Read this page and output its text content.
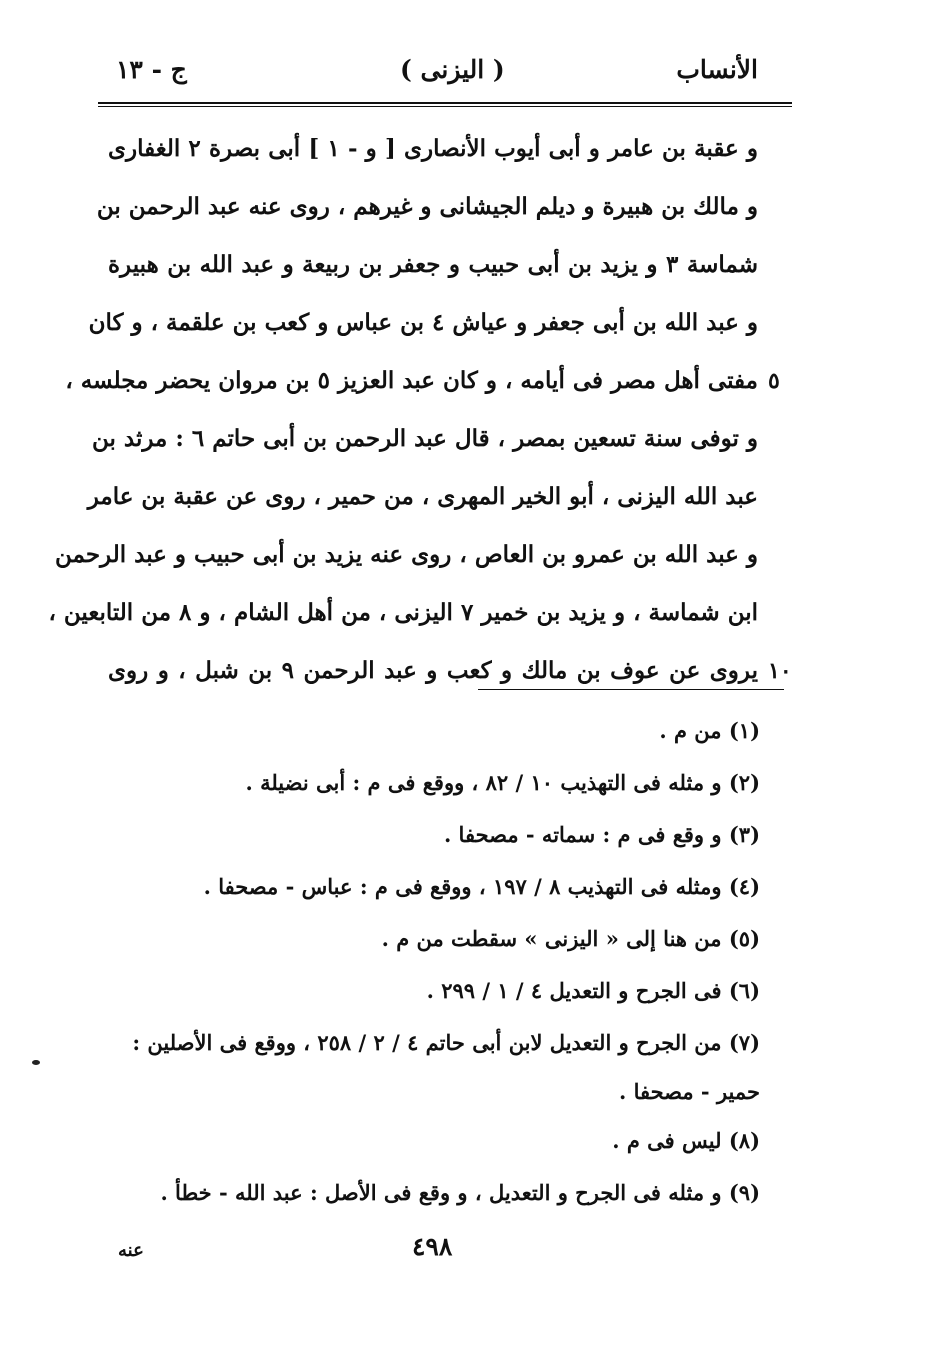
الأنساب
( اليزنى )
ج - ١٣
و عقبة بن عامر و أبى أيوب الأنصارى [ و - ١ ] أبى بصرة ٢ الغفارى
و مالك بن هبيرة و ديلم الجيشانى و غيرهم ، روى عنه عبد الرحمن بن
شماسة ٣ و يزيد بن أبى حبيب و جعفر بن ربيعة و عبد الله بن هبيرة
و عبد الله بن أبى جعفر و عياش ٤ بن عباس و كعب بن علقمة ، و كان
٥
مفتى أهل مصر فى أيامه ، و كان عبد العزيز ٥ بن مروان يحضر مجلسه ،
و توفى سنة تسعين بمصر ، قال عبد الرحمن بن أبى حاتم ٦ : مرثد بن
عبد الله اليزنى ، أبو الخير المهرى ، من حمير ، روى عن عقبة بن عامر
و عبد الله بن عمرو بن العاص ، روى عنه يزيد بن أبى حبيب و عبد الرحمن
ابن شماسة ، و يزيد بن خمير ٧ اليزنى ، من أهل الشام ، و ٨ من التابعين ،
١٠
يروى عن عوف بن مالك و كعب و عبد الرحمن ٩ بن شبل ، و روى
(١) من م .
(٢) و مثله فى التهذيب ١٠ / ٨٢ ، ووقع فى م : أبى نضيلة .
(٣) و وقع فى م : سماته - مصحفا .
(٤) ومثله فى التهذيب ٨ / ١٩٧ ، ووقع فى م : عباس - مصحفا .
(٥) من هنا إلى « اليزنى » سقطت من م .
(٦) فى الجرح و التعديل ٤ / ١ / ٢٩٩ .
(٧) من الجرح و التعديل لابن أبى حاتم ٤ / ٢ / ٢٥٨ ، ووقع فى الأصلين :
حمير - مصحفا .
(٨) ليس فى م .
(٩) و مثله فى الجرح و التعديل ، و وقع فى الأصل : عبد الله - خطأ .
٤٩٨
عنه
